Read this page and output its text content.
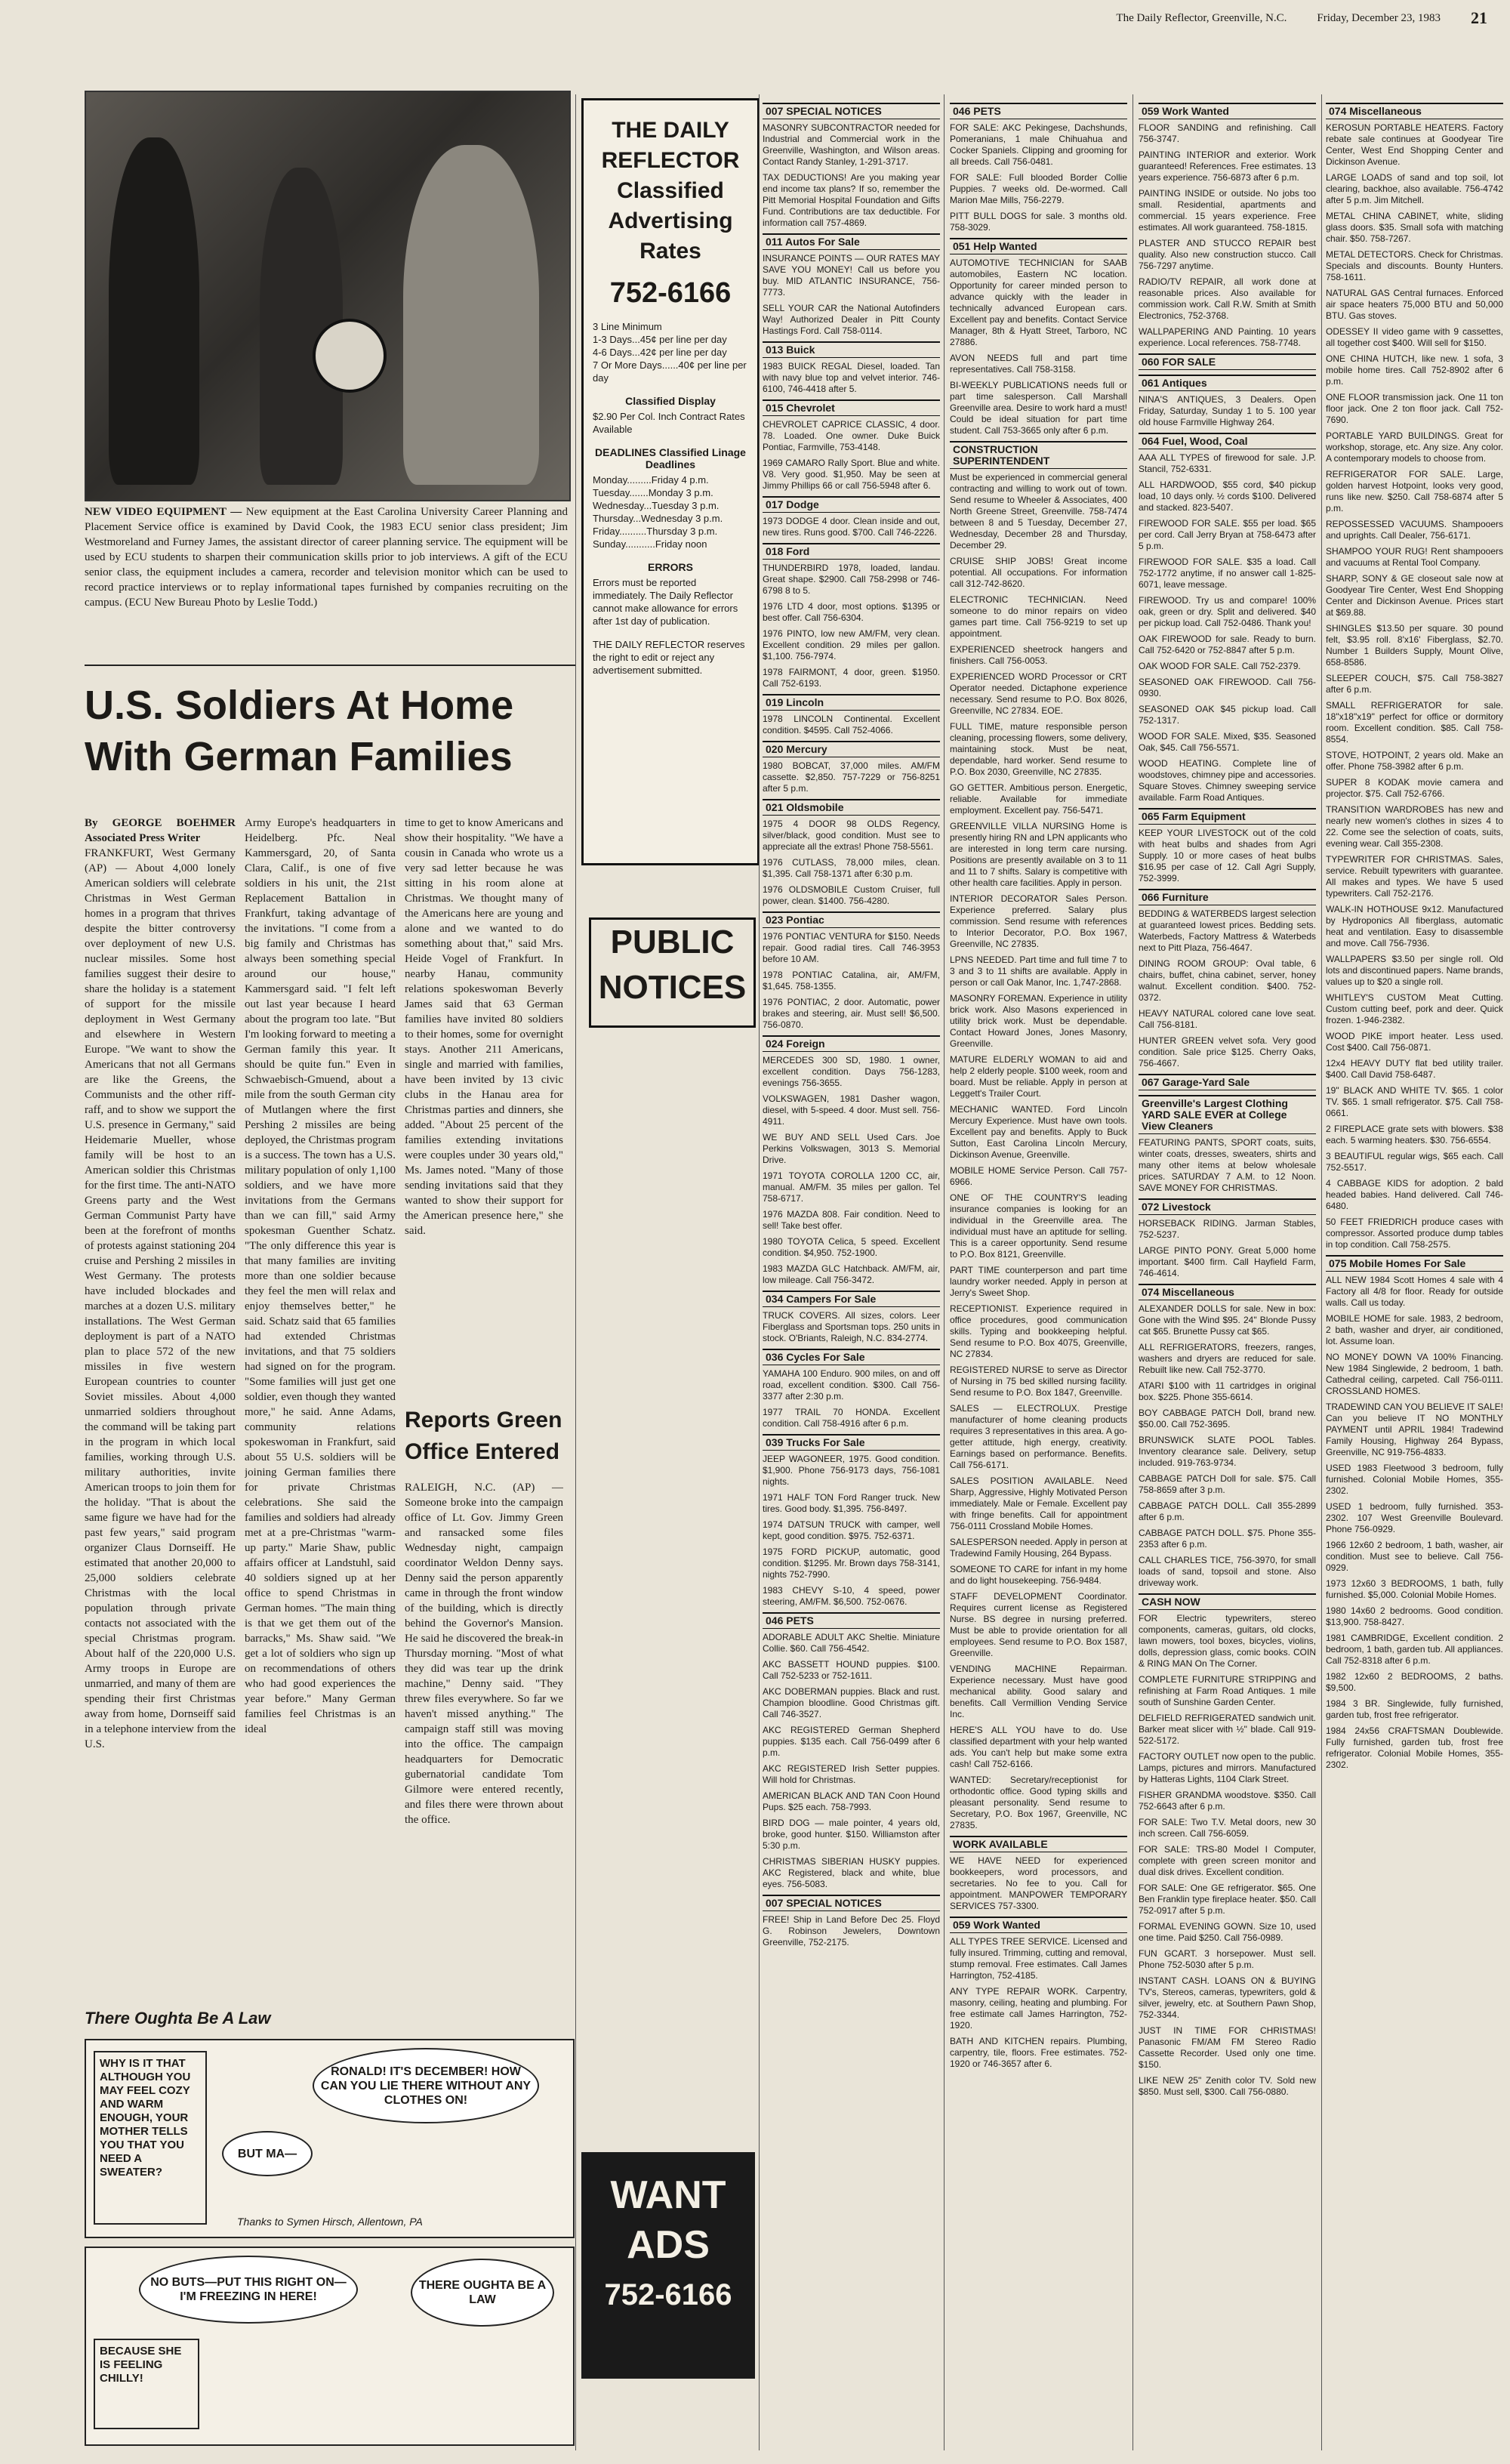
The Daily Reflector, Greenville, N.C.	Friday, December 23, 1983 21
NEW VIDEO EQUIPMENT — New equipment at the East Carolina University Career Planning and Placement Service office is examined by David Cook, the 1983 ECU senior class president; Jim Westmoreland and Furney James, the assistant director of career planning service. The equipment will be used by ECU students to sharpen their communication skills prior to job interviews. A gift of the ECU senior class, the equipment includes a camera, recorder and television monitor which can be used to record practice interviews or to replay informational tapes furnished by companies recruiting on the campus. (ECU New Bureau Photo by Leslie Todd.)
U.S. Soldiers At Home With German Families
By GEORGE BOEHMER Associated Press Writer
FRANKFURT, West Germany (AP) — About 4,000 lonely American soldiers will celebrate Christmas in West German homes in a program that thrives despite the bitter controversy over deployment of new U.S. nuclear missiles. Some host families suggest their desire to share the holiday is a statement of support for the missile deployment in West Germany and elsewhere in Western Europe. "We want to show the Americans that not all Germans are like the Greens, the Communists and the other riff-raff, and to show we support the U.S. presence in Germany," said Heidemarie Mueller, whose family will be host to an American soldier this Christmas for the first time. The anti-NATO Greens party and the West German Communist Party have been at the forefront of months of protests against stationing 204 cruise and Pershing 2 missiles in West Germany. The protests have included blockades and marches at a dozen U.S. military installations. The West German deployment is part of a NATO plan to place 572 of the new missiles in five western European countries to counter Soviet missiles. About 4,000 unmarried soldiers throughout the command will be taking part in the program in which local families, working through U.S. military authorities, invite American troops to join them for the holiday. "That is about the same figure we have had for the past few years," said program organizer Claus Dornseiff. He estimated that another 20,000 to 25,000 soldiers celebrate Christmas with the local population through private contacts not associated with the special Christmas program. About half of the 220,000 U.S. Army troops in Europe are unmarried, and many of them are spending their first Christmas away from home, Dornseiff said in a telephone interview from the U.S.
Army Europe's headquarters in Heidelberg. Pfc. Neal Kammersgard, 20, of Santa Clara, Calif., is one of five soldiers in his unit, the 21st Replacement Battalion in Frankfurt, taking advantage of the invitations. "I come from a big family and Christmas has always been something special around our house," Kammersgard said. "I felt left out last year because I heard about the program too late. "But I'm looking forward to meeting a German family this year. It should be quite fun." Even in Schwaebisch-Gmuend, about a mile from the south German city of Mutlangen where the first Pershing 2 missiles are being deployed, the Christmas program is a success. The town has a U.S. military population of only 1,100 soldiers, and we have more invitations from the Germans than we can fill," said Army spokesman Guenther Schatz. "The only difference this year is that many families are inviting more than one soldier because they feel the men will relax and enjoy themselves better," he said. Schatz said that 65 families had extended Christmas invitations, and that 75 soldiers had signed on for the program. "Some families will just get one soldier, even though they wanted more," he said. Anne Adams, community relations spokeswoman in Frankfurt, said about 55 U.S. soldiers will be joining German families there for private Christmas celebrations. She said the families and soldiers had already met at a pre-Christmas "warm-up party." Marie Shaw, public affairs officer at Landstuhl, said 40 soldiers signed up at her office to spend Christmas in German homes. "The main thing is that we get them out of the barracks," Ms. Shaw said. "We get a lot of soldiers who sign up on recommendations of others who had good experiences the year before." Many German families feel Christmas is an ideal
time to get to know Americans and show their hospitality. "We have a cousin in Canada who wrote us a very sad letter because he was sitting in his room alone at Christmas. We thought many of the Americans here are young and alone and we wanted to do something about that," said Mrs. Heide Vogel of Frankfurt. In nearby Hanau, community relations spokeswoman Beverly James said that 63 German families have invited 80 soldiers to their homes, some for overnight stays. Another 211 Americans, single and married with families, have been invited by 13 civic clubs in the Hanau area for Christmas parties and dinners, she added. "About 25 percent of the families extending invitations were couples under 30 years old," Ms. James noted. "Many of those sending invitations said that they wanted to show their support for the American presence here," she said.
Reports Green Office Entered
RALEIGH, N.C. (AP) — Someone broke into the campaign office of Lt. Gov. Jimmy Green and ransacked some files Wednesday night, campaign coordinator Weldon Denny says. Denny said the person apparently came in through the front window of the building, which is directly behind the Governor's Mansion. He said he discovered the break-in Thursday morning. "Most of what they did was tear up the drink machine," Denny said. "They threw files everywhere. So far we haven't missed anything." The campaign staff still was moving into the office. The campaign headquarters for Democratic gubernatorial candidate Tom Gilmore were entered recently, and files there were thrown about the office.
There Oughta Be A Law
WHY IS IT THAT ALTHOUGH YOU MAY FEEL COZY AND WARM ENOUGH, YOUR MOTHER TELLS YOU THAT YOU NEED A SWEATER?
RONALD! IT'S DECEMBER! HOW CAN YOU LIE THERE WITHOUT ANY CLOTHES ON!
BUT MA—
Thanks to Symen Hirsch, Allentown, PA
NO BUTS—PUT THIS RIGHT ON—I'M FREEZING IN HERE!
THERE OUGHTA BE A LAW
BECAUSE SHE IS FEELING CHILLY!
THE DAILY REFLECTOR Classified Advertising Rates
752-6166
3 Line Minimum
1-3 Days...45¢ per line per day
4-6 Days...42¢ per line per day
7 Or More Days......40¢ per line per day
Classified Display
$2.90 Per Col. Inch Contract Rates Available
DEADLINES Classified Linage Deadlines
Monday.........Friday 4 p.m.
Tuesday.......Monday 3 p.m.
Wednesday...Tuesday 3 p.m.
Thursday...Wednesday 3 p.m.
Friday..........Thursday 3 p.m.
Sunday...........Friday noon
ERRORS
Errors must be reported immediately. The Daily Reflector cannot make allowance for errors after 1st day of publication.
THE DAILY REFLECTOR reserves the right to edit or reject any advertisement submitted.
PUBLIC NOTICES
WANT
ADS
752-6166
007 SPECIAL NOTICES
MASONRY SUBCONTRACTOR needed for Industrial and Commercial work in the Greenville, Washington, and Wilson areas. Contact Randy Stanley, 1-291-3717.
TAX DEDUCTIONS! Are you making year end income tax plans? If so, remember the Pitt Memorial Hospital Foundation and Gifts Fund. Contributions are tax deductible. For information call 757-4869.
011 Autos For Sale
INSURANCE POINTS — OUR RATES MAY SAVE YOU MONEY! Call us before you buy. MID ATLANTIC INSURANCE, 756-7773.
SELL YOUR CAR the National Autofinders Way! Authorized Dealer in Pitt County Hastings Ford. Call 758-0114.
013 Buick
1983 BUICK REGAL Diesel, loaded. Tan with navy blue top and velvet interior. 746-6100, 746-4418 after 5.
015 Chevrolet
CHEVROLET CAPRICE CLASSIC, 4 door. 78. Loaded. One owner. Duke Buick Pontiac, Farmville, 753-4148.
1969 CAMARO Rally Sport. Blue and white. V8. Very good. $1,950. May be seen at Jimmy Phillips 66 or call 756-5948 after 6.
017 Dodge
1973 DODGE 4 door. Clean inside and out, new tires. Runs good. $700. Call 746-2226.
018 Ford
THUNDERBIRD 1978, loaded, landau. Great shape. $2900. Call 758-2998 or 746-6798 8 to 5.
1976 LTD 4 door, most options. $1395 or best offer. Call 756-6304.
1976 PINTO, low new AM/FM, very clean. Excellent condition. 29 miles per gallon. $1,100. 756-7974.
1978 FAIRMONT, 4 door, green. $1950. Call 752-6193.
019 Lincoln
1978 LINCOLN Continental. Excellent condition. $4595. Call 752-4066.
020 Mercury
1980 BOBCAT, 37,000 miles. AM/FM cassette. $2,850. 757-7229 or 756-8251 after 5 p.m.
021 Oldsmobile
1975 4 DOOR 98 OLDS Regency, silver/black, good condition. Must see to appreciate all the extras! Phone 758-5561.
1976 CUTLASS, 78,000 miles, clean. $1,395. Call 758-1371 after 6:30 p.m.
1976 OLDSMOBILE Custom Cruiser, full power, clean. $1400. 756-4280.
023 Pontiac
1976 PONTIAC VENTURA for $150. Needs repair. Good radial tires. Call 746-3953 before 10 AM.
1978 PONTIAC Catalina, air, AM/FM, $1,645. 758-1355.
1976 PONTIAC, 2 door. Automatic, power brakes and steering, air. Must sell! $6,500. 756-0870.
024 Foreign
MERCEDES 300 SD, 1980. 1 owner, excellent condition. Days 756-1283, evenings 756-3655.
VOLKSWAGEN, 1981 Dasher wagon, diesel, with 5-speed. 4 door. Must sell. 756-4911.
WE BUY AND SELL Used Cars. Joe Perkins Volkswagen, 3013 S. Memorial Drive.
1971 TOYOTA COROLLA 1200 CC, air, manual. AM/FM. 35 miles per gallon. Tel 758-6717.
1976 MAZDA 808. Fair condition. Need to sell! Take best offer.
1980 TOYOTA Celica, 5 speed. Excellent condition. $4,950. 752-1900.
1983 MAZDA GLC Hatchback. AM/FM, air, low mileage. Call 756-3472.
034 Campers For Sale
TRUCK COVERS. All sizes, colors. Leer Fiberglass and Sportsman tops. 250 units in stock. O'Briants, Raleigh, N.C. 834-2774.
036 Cycles For Sale
YAMAHA 100 Enduro. 900 miles, on and off road, excellent condition. $300. Call 756-3377 after 2:30 p.m.
1977 TRAIL 70 HONDA. Excellent condition. Call 758-4916 after 6 p.m.
039 Trucks For Sale
JEEP WAGONEER, 1975. Good condition. $1,900. Phone 756-9173 days, 756-1081 nights.
1971 HALF TON Ford Ranger truck. New tires. Good body. $1,395. 756-8497.
1974 DATSUN TRUCK with camper, well kept, good condition. $975. 752-6371.
1975 FORD PICKUP, automatic, good condition. $1295. Mr. Brown days 758-3141, nights 752-7990.
1983 CHEVY S-10, 4 speed, power steering, AM/FM. $6,500. 752-0676.
046 PETS
ADORABLE ADULT AKC Sheltie. Miniature Collie. $60. Call 756-4542.
AKC BASSETT HOUND puppies. $100. Call 752-5233 or 752-1611.
AKC DOBERMAN puppies. Black and rust. Champion bloodline. Good Christmas gift. Call 746-3527.
AKC REGISTERED German Shepherd puppies. $135 each. Call 756-0499 after 6 p.m.
AKC REGISTERED Irish Setter puppies. Will hold for Christmas.
AMERICAN BLACK AND TAN Coon Hound Pups. $25 each. 758-7993.
BIRD DOG — male pointer, 4 years old, broke, good hunter. $150. Williamston after 5:30 p.m.
CHRISTMAS SIBERIAN HUSKY puppies. AKC Registered, black and white, blue eyes. 756-5083.
007 SPECIAL NOTICES
FREE! Ship in Land Before Dec 25. Floyd G. Robinson Jewelers, Downtown Greenville, 752-2175.
046 PETS
FOR SALE: AKC Pekingese, Dachshunds, Pomeranians, 1 male Chihuahua and Cocker Spaniels. Clipping and grooming for all breeds. Call 756-0481.
FOR SALE: Full blooded Border Collie Puppies. 7 weeks old. De-wormed. Call Marion Mae Mills, 756-2279.
PITT BULL DOGS for sale. 3 months old. 758-3029.
051 Help Wanted
AUTOMOTIVE TECHNICIAN for SAAB automobiles, Eastern NC location. Opportunity for career minded person to advance quickly with the leader in technically advanced European cars. Excellent pay and benefits. Contact Service Manager, 8th & Hyatt Street, Tarboro, NC 27886.
AVON NEEDS full and part time representatives. Call 758-3158.
BI-WEEKLY PUBLICATIONS needs full or part time salesperson. Call Marshall Greenville area. Desire to work hard a must! Could be ideal situation for part time student. Call 753-3665 only after 6 p.m.
CONSTRUCTION SUPERINTENDENT
Must be experienced in commercial general contracting and willing to work out of town. Send resume to Wheeler & Associates, 400 North Greene Street, Greenville. 758-7474 between 8 and 5 Tuesday, December 27, Wednesday, December 28 and Thursday, December 29.
CRUISE SHIP JOBS! Great income potential. All occupations. For information call 312-742-8620.
ELECTRONIC TECHNICIAN. Need someone to do minor repairs on video games part time. Call 756-9219 to set up appointment.
EXPERIENCED sheetrock hangers and finishers. Call 756-0053.
EXPERIENCED WORD Processor or CRT Operator needed. Dictaphone experience necessary. Send resume to P.O. Box 8026, Greenville, NC 27834. EOE.
FULL TIME, mature responsible person cleaning, processing flowers, some delivery, maintaining stock. Must be neat, dependable, hard worker. Send resume to P.O. Box 2030, Greenville, NC 27835.
GO GETTER. Ambitious person. Energetic, reliable. Available for immediate employment. Excellent pay. 756-5471.
GREENVILLE VILLA NURSING Home is presently hiring RN and LPN applicants who are interested in long term care nursing. Positions are presently available on 3 to 11 and 11 to 7 shifts. Salary is competitive with other health care facilities. Apply in person.
INTERIOR DECORATOR Sales Person. Experience preferred. Salary plus commission. Send resume with references to Interior Decorator, P.O. Box 1967, Greenville, NC 27835.
LPNS NEEDED. Part time and full time 7 to 3 and 3 to 11 shifts are available. Apply in person or call Oak Manor, Inc. 1,747-2868.
MASONRY FOREMAN. Experience in utility brick work. Also Masons experienced in utility brick work. Must be dependable. Contact Howard Jones, Jones Masonry, Greenville.
MATURE ELDERLY WOMAN to aid and help 2 elderly people. $100 week, room and board. Must be reliable. Apply in person at Leggett's Trailer Court.
MECHANIC WANTED. Ford Lincoln Mercury Experience. Must have own tools. Excellent pay and benefits. Apply to Buck Sutton, East Carolina Lincoln Mercury, Dickinson Avenue, Greenville.
MOBILE HOME Service Person. Call 757-6966.
ONE OF THE COUNTRY'S leading insurance companies is looking for an individual in the Greenville area. The individual must have an aptitude for selling. This is a career opportunity. Send resume to P.O. Box 8121, Greenville.
PART TIME counterperson and part time laundry worker needed. Apply in person at Jerry's Sweet Shop.
RECEPTIONIST. Experience required in office procedures, good communication skills. Typing and bookkeeping helpful. Send resume to P.O. Box 4075, Greenville, NC 27834.
REGISTERED NURSE to serve as Director of Nursing in 75 bed skilled nursing facility. Send resume to P.O. Box 1847, Greenville.
SALES — ELECTROLUX. Prestige manufacturer of home cleaning products requires 3 representatives in this area. A go-getter attitude, high energy, creativity. Earnings based on performance. Benefits. Call 756-6171.
SALES POSITION AVAILABLE. Need Sharp, Aggressive, Highly Motivated Person immediately. Male or Female. Excellent pay with fringe benefits. Call for appointment 756-0111 Crossland Mobile Homes.
SALESPERSON needed. Apply in person at Tradewind Family Housing, 264 Bypass.
SOMEONE TO CARE for infant in my home and do light housekeeping. 756-9484.
STAFF DEVELOPMENT Coordinator. Requires current license as Registered Nurse. BS degree in nursing preferred. Must be able to provide orientation for all employees. Send resume to P.O. Box 1587, Greenville.
VENDING MACHINE Repairman. Experience necessary. Must have good mechanical ability. Good salary and benefits. Call Vermillion Vending Service Inc.
HERE'S ALL YOU have to do. Use classified department with your help wanted ads. You can't help but make some extra cash! Call 752-6166.
WANTED: Secretary/receptionist for orthodontic office. Good typing skills and pleasant personality. Send resume to Secretary, P.O. Box 1967, Greenville, NC 27835.
WORK AVAILABLE
WE HAVE NEED for experienced bookkeepers, word processors, and secretaries. No fee to you. Call for appointment. MANPOWER TEMPORARY SERVICES 757-3300.
059 Work Wanted
ALL TYPES TREE SERVICE. Licensed and fully insured. Trimming, cutting and removal, stump removal. Free estimates. Call James Harrington, 752-4185.
ANY TYPE REPAIR WORK. Carpentry, masonry, ceiling, heating and plumbing. For free estimate call James Harrington, 752-1920.
BATH AND KITCHEN repairs. Plumbing, carpentry, tile, floors. Free estimates. 752-1920 or 746-3657 after 6.
059 Work Wanted
FLOOR SANDING and refinishing. Call 756-3747.
PAINTING INTERIOR and exterior. Work guaranteed! References. Free estimates. 13 years experience. 756-6873 after 6 p.m.
PAINTING INSIDE or outside. No jobs too small. Residential, apartments and commercial. 15 years experience. Free estimates. All work guaranteed. 758-1815.
PLASTER AND STUCCO REPAIR best quality. Also new construction stucco. Call 756-7297 anytime.
RADIO/TV REPAIR, all work done at reasonable prices. Also available for commission work. Call R.W. Smith at Smith Electronics, 752-3768.
WALLPAPERING AND Painting. 10 years experience. Local references. 758-7748.
060 FOR SALE
061 Antiques
NINA'S ANTIQUES, 3 Dealers. Open Friday, Saturday, Sunday 1 to 5. 100 year old house Farmville Highway 264.
064 Fuel, Wood, Coal
AAA ALL TYPES of firewood for sale. J.P. Stancil, 752-6331.
ALL HARDWOOD, $55 cord, $40 pickup load, 10 days only. ½ cords $100. Delivered and stacked. 823-5407.
FIREWOOD FOR SALE. $55 per load. $65 per cord. Call Jerry Bryan at 758-6473 after 5 p.m.
FIREWOOD FOR SALE. $35 a load. Call 752-1772 anytime, if no answer call 1-825-6071, leave message.
FIREWOOD. Try us and compare! 100% oak, green or dry. Split and delivered. $40 per pickup load. Call 752-0486. Thank you!
OAK FIREWOOD for sale. Ready to burn. Call 752-6420 or 752-8847 after 5 p.m.
OAK WOOD FOR SALE. Call 752-2379.
SEASONED OAK FIREWOOD. Call 756-0930.
SEASONED OAK $45 pickup load. Call 752-1317.
WOOD FOR SALE. Mixed, $35. Seasoned Oak, $45. Call 756-5571.
WOOD HEATING. Complete line of woodstoves, chimney pipe and accessories. Square Stoves. Chimney sweeping service available. Farm Road Antiques.
065 Farm Equipment
KEEP YOUR LIVESTOCK out of the cold with heat bulbs and shades from Agri Supply. 10 or more cases of heat bulbs $16.95 per case of 12. Call Agri Supply, 752-3999.
066 Furniture
BEDDING & WATERBEDS largest selection at guaranteed lowest prices. Bedding sets. Waterbeds, Factory Mattress & Waterbeds next to Pitt Plaza, 756-4647.
DINING ROOM GROUP: Oval table, 6 chairs, buffet, china cabinet, server, honey walnut. Excellent condition. $400. 752-0372.
HEAVY NATURAL colored cane love seat. Call 756-8181.
HUNTER GREEN velvet sofa. Very good condition. Sale price $125. Cherry Oaks, 756-4667.
067 Garage-Yard Sale
Greenville's Largest Clothing YARD SALE EVER at College View Cleaners
FEATURING PANTS, SPORT coats, suits, winter coats, dresses, sweaters, shirts and many other items at below wholesale prices. SATURDAY 7 A.M. to 12 Noon. SAVE MONEY FOR CHRISTMAS.
072 Livestock
HORSEBACK RIDING. Jarman Stables, 752-5237.
LARGE PINTO PONY. Great 5,000 home important. $400 firm. Call Hayfield Farm, 746-4614.
074 Miscellaneous
ALEXANDER DOLLS for sale. New in box: Gone with the Wind $95. 24" Blonde Pussy cat $65. Brunette Pussy cat $65.
ALL REFRIGERATORS, freezers, ranges, washers and dryers are reduced for sale. Rebuilt like new. Call 752-3770.
ATARI $100 with 11 cartridges in original box. $225. Phone 355-6614.
BOY CABBAGE PATCH Doll, brand new. $50.00. Call 752-3695.
BRUNSWICK SLATE POOL Tables. Inventory clearance sale. Delivery, setup included. 919-763-9734.
CABBAGE PATCH Doll for sale. $75. Call 758-8659 after 3 p.m.
CABBAGE PATCH DOLL. Call 355-2899 after 6 p.m.
CABBAGE PATCH DOLL. $75. Phone 355-2353 after 6 p.m.
CALL CHARLES TICE, 756-3970, for small loads of sand, topsoil and stone. Also driveway work.
CASH NOW
FOR Electric typewriters, stereo components, cameras, guitars, old clocks, lawn mowers, tool boxes, bicycles, violins, dolls, depression glass, comic books. COIN & RING MAN On The Corner.
COMPLETE FURNITURE STRIPPING and refinishing at Farm Road Antiques. 1 mile south of Sunshine Garden Center.
DELFIELD REFRIGERATED sandwich unit. Barker meat slicer with ½" blade. Call 919-522-5172.
FACTORY OUTLET now open to the public. Lamps, pictures and mirrors. Manufactured by Hatteras Lights, 1104 Clark Street.
FISHER GRANDMA woodstove. $350. Call 752-6643 after 6 p.m.
FOR SALE: Two T.V. Metal doors, new 30 inch screen. Call 756-6059.
FOR SALE: TRS-80 Model I Computer, complete with green screen monitor and dual disk drives. Excellent condition.
FOR SALE: One GE refrigerator. $65. One Ben Franklin type fireplace heater. $50. Call 752-0917 after 5 p.m.
FORMAL EVENING GOWN. Size 10, used one time. Paid $250. Call 756-0989.
FUN GCART. 3 horsepower. Must sell. Phone 752-5030 after 5 p.m.
INSTANT CASH. LOANS ON & BUYING TV's, Stereos, cameras, typewriters, gold & silver, jewelry, etc. at Southern Pawn Shop, 752-3344.
JUST IN TIME FOR CHRISTMAS! Panasonic FM/AM FM Stereo Radio Cassette Recorder. Used only one time. $150.
LIKE NEW 25" Zenith color TV. Sold new $850. Must sell, $300. Call 756-0880.
074 Miscellaneous
KEROSUN PORTABLE HEATERS. Factory rebate sale continues at Goodyear Tire Center, West End Shopping Center and Dickinson Avenue.
LARGE LOADS of sand and top soil, lot clearing, backhoe, also available. 756-4742 after 5 p.m. Jim Mitchell.
METAL CHINA CABINET, white, sliding glass doors. $35. Small sofa with matching chair. $50. 758-7267.
METAL DETECTORS. Check for Christmas. Specials and discounts. Bounty Hunters. 758-1611.
NATURAL GAS Central furnaces. Enforced air space heaters 75,000 BTU and 50,000 BTU. Gas stoves.
ODESSEY II video game with 9 cassettes, all together cost $400. Will sell for $150.
ONE CHINA HUTCH, like new. 1 sofa, 3 mobile home tires. Call 752-8902 after 6 p.m.
ONE FLOOR transmission jack. One 11 ton floor jack. One 2 ton floor jack. Call 752-7690.
PORTABLE YARD BUILDINGS. Great for workshop, storage, etc. Any size. Any color. A contemporary models to choose from.
REFRIGERATOR FOR SALE. Large, golden harvest Hotpoint, looks very good, runs like new. $250. Call 758-6874 after 5 p.m.
REPOSSESSED VACUUMS. Shampooers and uprights. Call Dealer, 756-6171.
SHAMPOO YOUR RUG! Rent shampooers and vacuums at Rental Tool Company.
SHARP, SONY & GE closeout sale now at Goodyear Tire Center, West End Shopping Center and Dickinson Avenue. Prices start at $69.88.
SHINGLES $13.50 per square. 30 pound felt, $3.95 roll. 8'x16' Fiberglass, $2.70. Number 1 Builders Supply, Mount Olive, 658-8586.
SLEEPER COUCH, $75. Call 758-3827 after 6 p.m.
SMALL REFRIGERATOR for sale. 18"x18"x19" perfect for office or dormitory room. Excellent condition. $85. Call 758-8554.
STOVE, HOTPOINT, 2 years old. Make an offer. Phone 758-3982 after 6 p.m.
SUPER 8 KODAK movie camera and projector. $75. Call 752-6766.
TRANSITION WARDROBES has new and nearly new women's clothes in sizes 4 to 22. Come see the selection of coats, suits, evening wear. Call 355-2308.
TYPEWRITER FOR CHRISTMAS. Sales, service. Rebuilt typewriters with guarantee. All makes and types. We have 5 used typewriters. Call 752-2176.
WALK-IN HOTHOUSE 9x12. Manufactured by Hydroponics All fiberglass, automatic heat and ventilation. Easy to disassemble and move. Call 756-7936.
WALLPAPERS $3.50 per single roll. Old lots and discontinued papers. Name brands, values up to $20 a single roll.
WHITLEY'S CUSTOM Meat Cutting. Custom cutting beef, pork and deer. Quick frozen. 1-946-2382.
WOOD PIKE import heater. Less used. Cost $400. Call 756-0871.
12x4 HEAVY DUTY flat bed utility trailer. $400. Call David 758-6487.
19" BLACK AND WHITE TV. $65. 1 color TV. $65. 1 small refrigerator. $75. Call 758-0661.
2 FIREPLACE grate sets with blowers. $38 each. 5 warming heaters. $30. 756-6554.
3 BEAUTIFUL regular wigs, $65 each. Call 752-5517.
4 CABBAGE KIDS for adoption. 2 bald headed babies. Hand delivered. Call 746-6480.
50 FEET FRIEDRICH produce cases with compressor. Assorted produce dump tables in top condition. Call 758-2575.
075 Mobile Homes For Sale
ALL NEW 1984 Scott Homes 4 sale with 4 Factory all 4/8 for floor. Ready for outside walls. Call us today.
MOBILE HOME for sale. 1983, 2 bedroom, 2 bath, washer and dryer, air conditioned, lot. Assume loan.
NO MONEY DOWN VA 100% Financing. New 1984 Singlewide, 2 bedroom, 1 bath. Cathedral ceiling, carpeted. Call 756-0111. CROSSLAND HOMES.
TRADEWIND CAN YOU BELIEVE IT SALE! Can you believe IT NO MONTHLY PAYMENT until APRIL 1984! Tradewind Family Housing, Highway 264 Bypass, Greenville, NC 919-756-4833.
USED 1983 Fleetwood 3 bedroom, fully furnished. Colonial Mobile Homes, 355-2302.
USED 1 bedroom, fully furnished. 353-2302. 107 West Greenville Boulevard. Phone 756-0929.
1966 12x60 2 bedroom, 1 bath, washer, air condition. Must see to believe. Call 756-0929.
1973 12x60 3 BEDROOMS, 1 bath, fully furnished. $5,000. Colonial Mobile Homes.
1980 14x60 2 bedrooms. Good condition. $13,900. 758-8427.
1981 CAMBRIDGE, Excellent condition. 2 bedroom, 1 bath, garden tub. All appliances. Call 752-8318 after 6 p.m.
1982 12x60 2 BEDROOMS, 2 baths. $9,500.
1984 3 BR. Singlewide, fully furnished, garden tub, frost free refrigerator.
1984 24x56 CRAFTSMAN Doublewide. Fully furnished, garden tub, frost free refrigerator. Colonial Mobile Homes, 355-2302.
